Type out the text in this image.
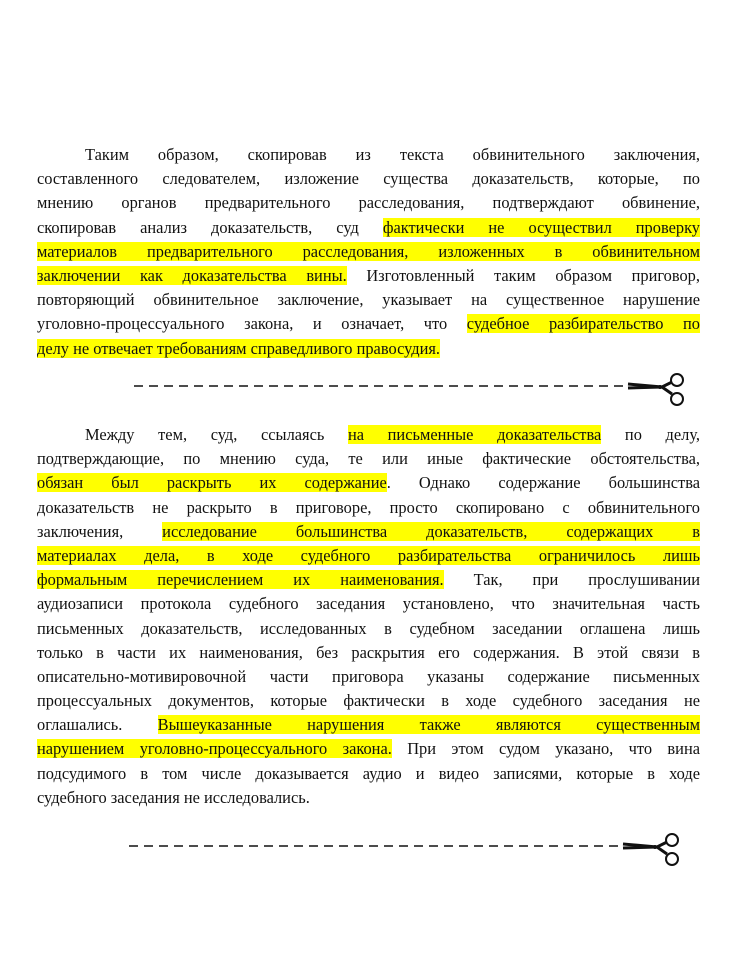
Таким образом, скопировав из текста обвинительного заключения,
составленного следователем, изложение существа доказательств, которые, по
мнению органов предварительного расследования, подтверждают обвинение,
скопировав анализ доказательств, суд фактически не осуществил проверку
материалов предварительного расследования, изложенных в обвинительном
заключении как доказательства вины. Изготовленный таким образом приговор,
повторяющий обвинительное заключение, указывает на существенное нарушение
уголовно-процессуального закона, и означает, что судебное разбирательство по
делу не отвечает требованиям справедливого правосудия.
Между тем, суд, ссылаясь на письменные доказательства по делу,
подтверждающие, по мнению суда, те или иные фактические обстоятельства,
обязан был раскрыть их содержание. Однако содержание большинства
доказательств не раскрыто в приговоре, просто скопировано с обвинительного
заключения, исследование большинства доказательств, содержащих в
материалах дела, в ходе судебного разбирательства ограничилось лишь
формальным перечислением их наименования. Так, при прослушивании
аудиозаписи протокола судебного заседания установлено, что значительная часть
письменных доказательств, исследованных в судебном заседании оглашена лишь
только в части их наименования, без раскрытия его содержания. В этой связи в
описательно-мотивировочной части приговора указаны содержание письменных
процессуальных документов, которые фактически в ходе судебного заседания не
оглашались. Вышеуказанные нарушения также являются существенным
нарушением уголовно-процессуального закона. При этом судом указано, что вина
подсудимого в том числе доказывается аудио и видео записями, которые в ходе
судебного заседания не исследовались.
